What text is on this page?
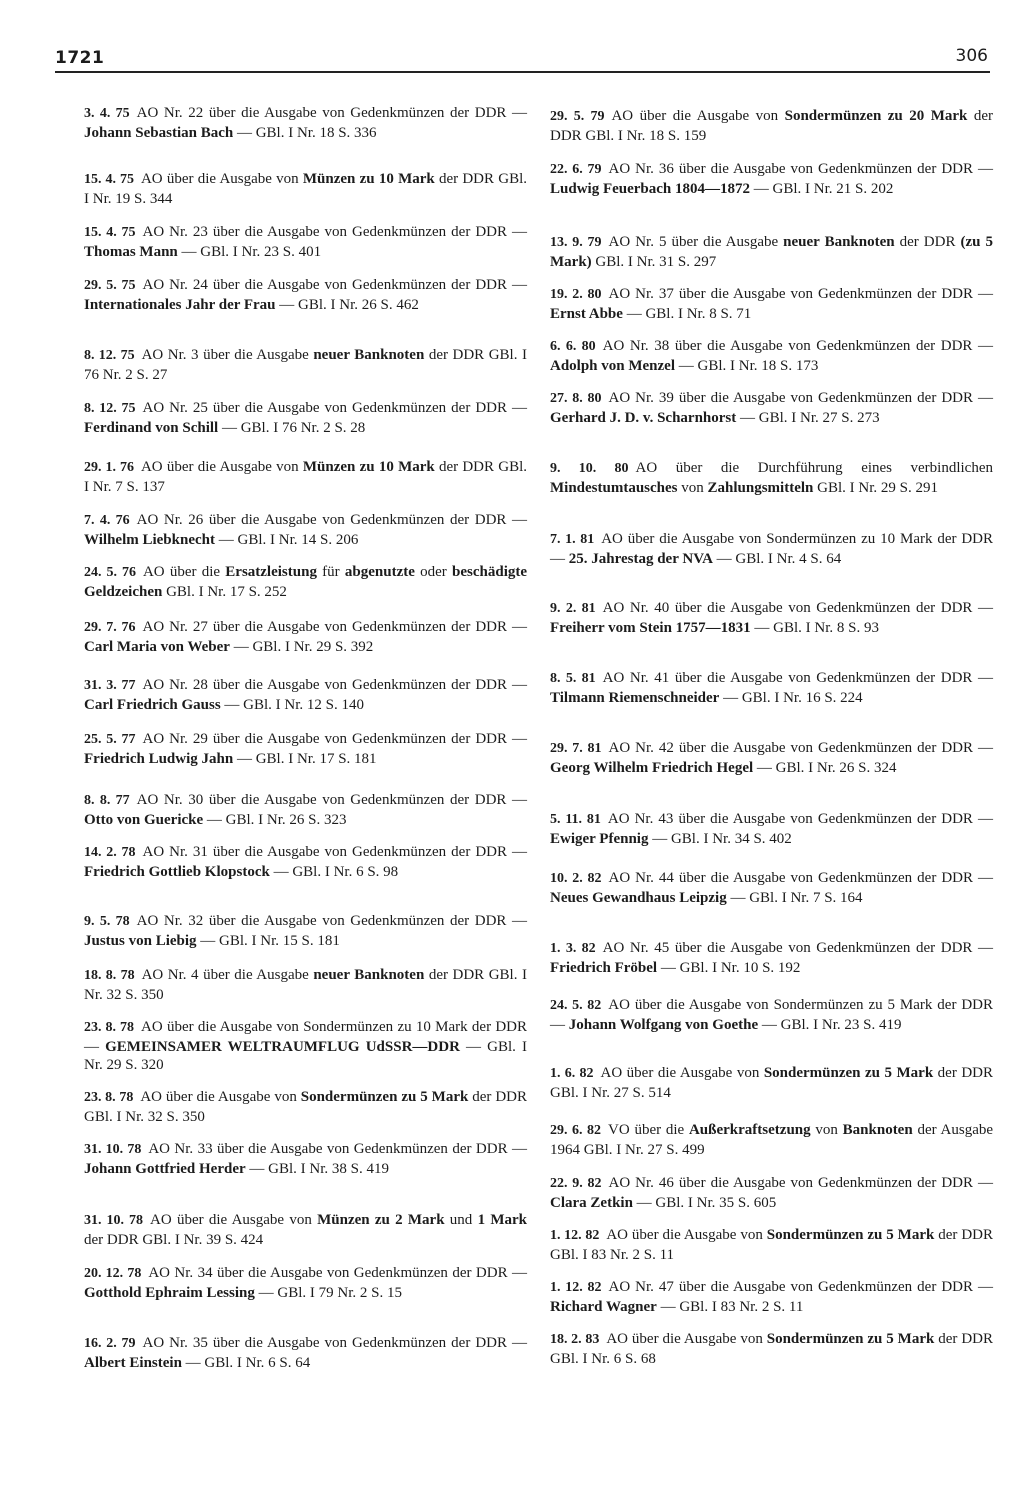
1721	306

3. 4. 75 AO Nr. 22 über die Ausgabe von Gedenkmünzen der DDR — Johann Sebastian Bach — GBl. I Nr. 18 S. 336

15. 4. 75 AO über die Ausgabe von Münzen zu 10 Mark der DDR GBl. I Nr. 19 S. 344

15. 4. 75 AO Nr. 23 über die Ausgabe von Gedenkmünzen der DDR — Thomas Mann — GBl. I Nr. 23 S. 401

29. 5. 75 AO Nr. 24 über die Ausgabe von Gedenkmünzen der DDR — Internationales Jahr der Frau — GBl. I Nr. 26 S. 462

8. 12. 75 AO Nr. 3 über die Ausgabe neuer Banknoten der DDR GBl. I 76 Nr. 2 S. 27

8. 12. 75 AO Nr. 25 über die Ausgabe von Gedenkmünzen der DDR — Ferdinand von Schill — GBl. I 76 Nr. 2 S. 28

29. 1. 76 AO über die Ausgabe von Münzen zu 10 Mark der DDR GBl. I Nr. 7 S. 137

7. 4. 76 AO Nr. 26 über die Ausgabe von Gedenkmünzen der DDR — Wilhelm Liebknecht — GBl. I Nr. 14 S. 206

24. 5. 76 AO über die Ersatzleistung für abgenutzte oder beschädigte Geldzeichen GBl. I Nr. 17 S. 252

29. 7. 76 AO Nr. 27 über die Ausgabe von Gedenkmünzen der DDR — Carl Maria von Weber — GBl. I Nr. 29 S. 392

31. 3. 77 AO Nr. 28 über die Ausgabe von Gedenkmünzen der DDR — Carl Friedrich Gauss — GBl. I Nr. 12 S. 140

25. 5. 77 AO Nr. 29 über die Ausgabe von Gedenkmünzen der DDR — Friedrich Ludwig Jahn — GBl. I Nr. 17 S. 181

8. 8. 77 AO Nr. 30 über die Ausgabe von Gedenkmünzen der DDR — Otto von Guericke — GBl. I Nr. 26 S. 323

14. 2. 78 AO Nr. 31 über die Ausgabe von Gedenkmünzen der DDR — Friedrich Gottlieb Klopstock — GBl. I Nr. 6 S. 98

9. 5. 78 AO Nr. 32 über die Ausgabe von Gedenkmünzen der DDR — Justus von Liebig — GBl. I Nr. 15 S. 181

18. 8. 78 AO Nr. 4 über die Ausgabe neuer Banknoten der DDR GBl. I Nr. 32 S. 350

23. 8. 78 AO über die Ausgabe von Sondermünzen zu 10 Mark der DDR — GEMEINSAMER WELTRAUMFLUG UdSSR—DDR — GBl. I Nr. 29 S. 320

23. 8. 78 AO über die Ausgabe von Sondermünzen zu 5 Mark der DDR GBl. I Nr. 32 S. 350

31. 10. 78 AO Nr. 33 über die Ausgabe von Gedenkmünzen der DDR — Johann Gottfried Herder — GBl. I Nr. 38 S. 419

31. 10. 78 AO über die Ausgabe von Münzen zu 2 Mark und 1 Mark der DDR GBl. I Nr. 39 S. 424

20. 12. 78 AO Nr. 34 über die Ausgabe von Gedenkmünzen der DDR — Gotthold Ephraim Lessing — GBl. I 79 Nr. 2 S. 15

16. 2. 79 AO Nr. 35 über die Ausgabe von Gedenkmünzen der DDR — Albert Einstein — GBl. I Nr. 6 S. 64

29. 5. 79 AO über die Ausgabe von Sondermünzen zu 20 Mark der DDR GBl. I Nr. 18 S. 159

22. 6. 79 AO Nr. 36 über die Ausgabe von Gedenkmünzen der DDR — Ludwig Feuerbach 1804—1872 — GBl. I Nr. 21 S. 202

13. 9. 79 AO Nr. 5 über die Ausgabe neuer Banknoten der DDR (zu 5 Mark) GBl. I Nr. 31 S. 297

19. 2. 80 AO Nr. 37 über die Ausgabe von Gedenkmünzen der DDR — Ernst Abbe — GBl. I Nr. 8 S. 71

6. 6. 80 AO Nr. 38 über die Ausgabe von Gedenkmünzen der DDR — Adolph von Menzel — GBl. I Nr. 18 S. 173

27. 8. 80 AO Nr. 39 über die Ausgabe von Gedenkmünzen der DDR — Gerhard J. D. v. Scharnhorst — GBl. I Nr. 27 S. 273

9. 10. 80 AO über die Durchführung eines verbindlichen Mindestumtausches von Zahlungsmitteln GBl. I Nr. 29 S. 291

7. 1. 81 AO über die Ausgabe von Sondermünzen zu 10 Mark der DDR — 25. Jahrestag der NVA — GBl. I Nr. 4 S. 64

9. 2. 81 AO Nr. 40 über die Ausgabe von Gedenkmünzen der DDR — Freiherr vom Stein 1757—1831 — GBl. I Nr. 8 S. 93

8. 5. 81 AO Nr. 41 über die Ausgabe von Gedenkmünzen der DDR — Tilmann Riemenschneider — GBl. I Nr. 16 S. 224

29. 7. 81 AO Nr. 42 über die Ausgabe von Gedenkmünzen der DDR — Georg Wilhelm Friedrich Hegel — GBl. I Nr. 26 S. 324

5. 11. 81 AO Nr. 43 über die Ausgabe von Gedenkmünzen der DDR — Ewiger Pfennig — GBl. I Nr. 34 S. 402

10. 2. 82 AO Nr. 44 über die Ausgabe von Gedenkmünzen der DDR — Neues Gewandhaus Leipzig — GBl. I Nr. 7 S. 164

1. 3. 82 AO Nr. 45 über die Ausgabe von Gedenkmünzen der DDR — Friedrich Fröbel — GBl. I Nr. 10 S. 192

24. 5. 82 AO über die Ausgabe von Sondermünzen zu 5 Mark der DDR — Johann Wolfgang von Goethe — GBl. I Nr. 23 S. 419

1. 6. 82 AO über die Ausgabe von Sondermünzen zu 5 Mark der DDR GBl. I Nr. 27 S. 514

29. 6. 82 VO über die Außerkraftsetzung von Banknoten der Ausgabe 1964 GBl. I Nr. 27 S. 499

22. 9. 82 AO Nr. 46 über die Ausgabe von Gedenkmünzen der DDR — Clara Zetkin — GBl. I Nr. 35 S. 605

1. 12. 82 AO über die Ausgabe von Sondermünzen zu 5 Mark der DDR GBl. I 83 Nr. 2 S. 11

1. 12. 82 AO Nr. 47 über die Ausgabe von Gedenkmünzen der DDR — Richard Wagner — GBl. I 83 Nr. 2 S. 11

18. 2. 83 AO über die Ausgabe von Sondermünzen zu 5 Mark der DDR GBl. I Nr. 6 S. 68
